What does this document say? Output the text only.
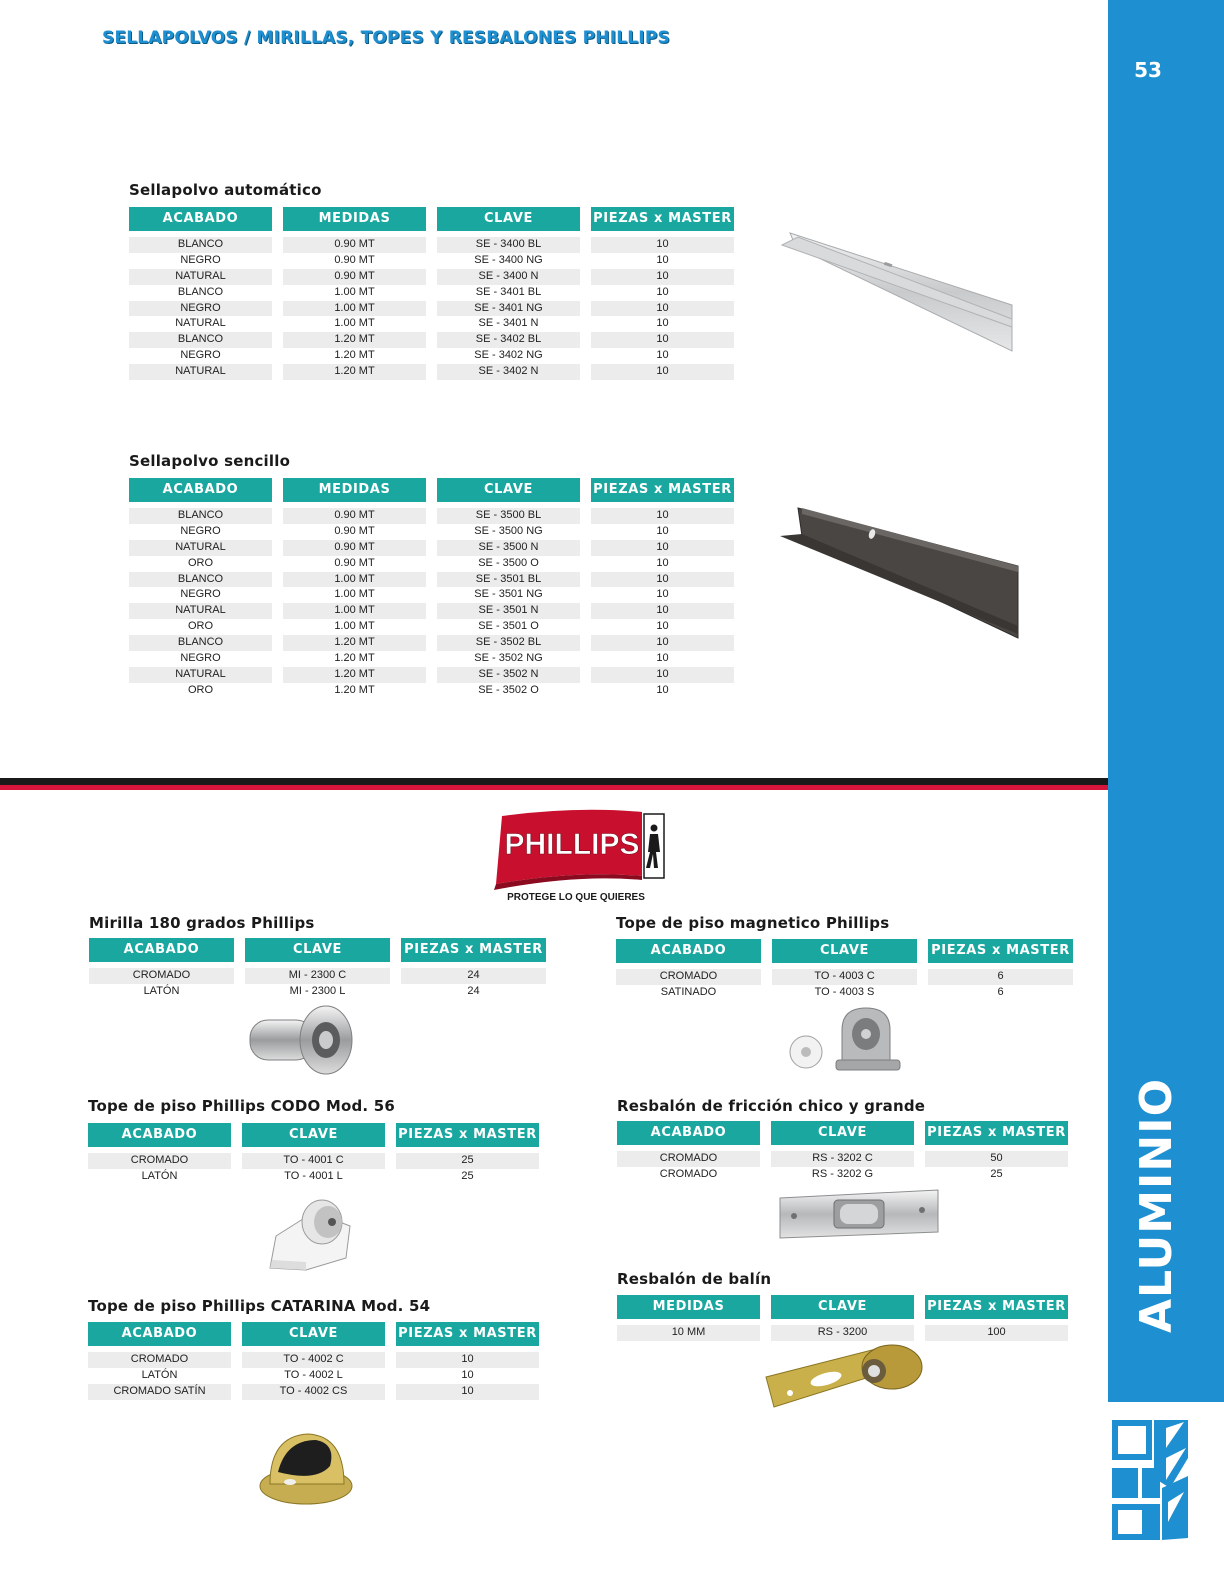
SELLAPOLVOS / MIRILLAS, TOPES Y RESBALONES PHILLIPS
53
ALUMINIO
Sellapolvo automático
ACABADO
BLANCO
NEGRO
NATURAL
BLANCO
NEGRO
NATURAL
BLANCO
NEGRO
NATURAL
MEDIDAS
0.90 MT
0.90 MT
0.90 MT
1.00 MT
1.00 MT
1.00 MT
1.20 MT
1.20 MT
1.20 MT
CLAVE
SE - 3400 BL
SE - 3400 NG
SE - 3400 N
SE - 3401 BL
SE - 3401 NG
SE - 3401 N
SE - 3402 BL
SE - 3402 NG
SE - 3402 N
PIEZAS x MASTER
10
10
10
10
10
10
10
10
10
Sellapolvo sencillo
ACABADO
BLANCO
NEGRO
NATURAL
ORO
BLANCO
NEGRO
NATURAL
ORO
BLANCO
NEGRO
NATURAL
ORO
MEDIDAS
0.90 MT
0.90 MT
0.90 MT
0.90 MT
1.00 MT
1.00 MT
1.00 MT
1.00 MT
1.20 MT
1.20 MT
1.20 MT
1.20 MT
CLAVE
SE - 3500 BL
SE - 3500 NG
SE - 3500 N
SE - 3500 O
SE - 3501 BL
SE - 3501 NG
SE - 3501 N
SE - 3501 O
SE - 3502 BL
SE - 3502 NG
SE - 3502 N
SE - 3502 O
PIEZAS x MASTER
10
10
10
10
10
10
10
10
10
10
10
10
PHILLIPS
PROTEGE LO QUE QUIERES
Mirilla 180 grados Phillips
ACABADO
CROMADO
LATÓN
CLAVE
MI - 2300 C
MI - 2300 L
PIEZAS x MASTER
24
24
Tope de piso magnetico Phillips
ACABADO
CROMADO
SATINADO
CLAVE
TO - 4003 C
TO - 4003 S
PIEZAS x MASTER
6
6
Tope de piso Phillips CODO Mod. 56
ACABADO
CROMADO
LATÓN
CLAVE
TO - 4001 C
TO - 4001 L
PIEZAS x MASTER
25
25
Resbalón de fricción chico y grande
ACABADO
CROMADO
CROMADO
CLAVE
RS - 3202 C
RS - 3202 G
PIEZAS x MASTER
50
25
Resbalón de balín
MEDIDAS
10 MM
CLAVE
RS - 3200
PIEZAS x MASTER
100
Tope de piso Phillips CATARINA Mod. 54
ACABADO
CROMADO
LATÓN
CROMADO SATÍN
CLAVE
TO - 4002 C
TO - 4002 L
TO - 4002 CS
PIEZAS x MASTER
10
10
10
